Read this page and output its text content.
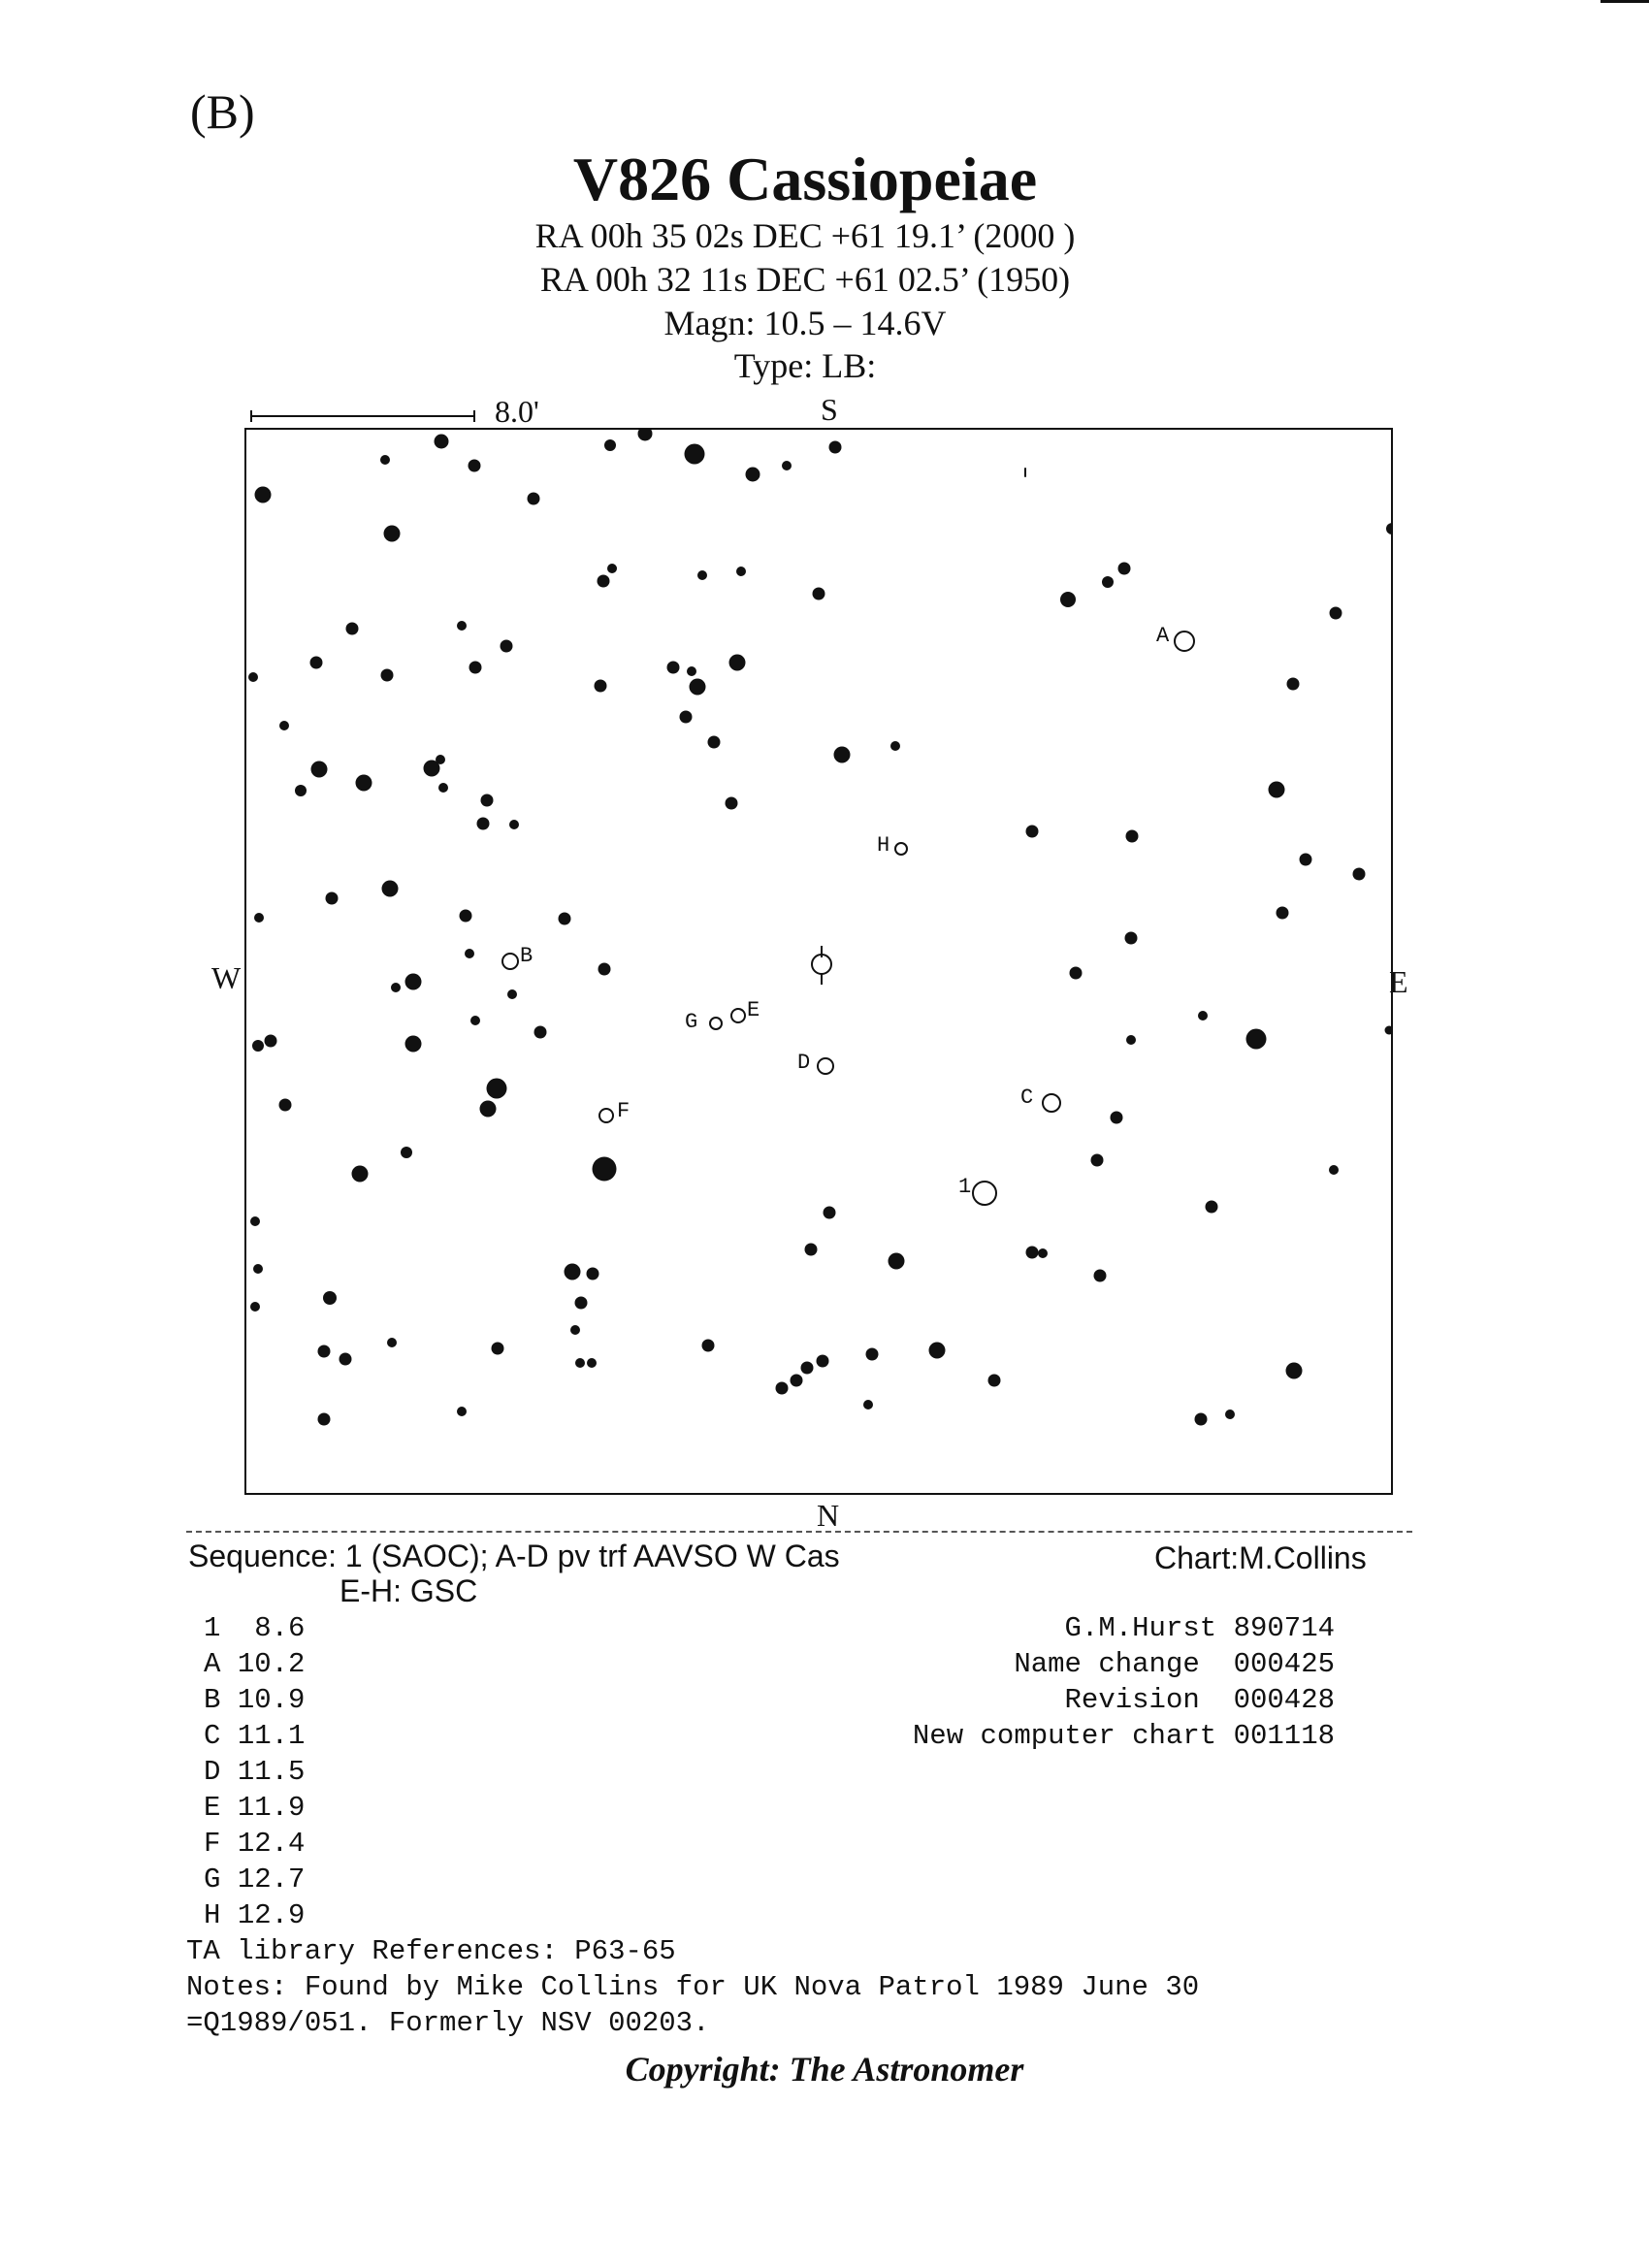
(B)
V826 Cassiopeiae
RA 00h 35 02s DEC +61 19.1’ (2000 )
RA 00h 32 11s DEC +61 02.5’ (1950)
Magn: 10.5 – 14.6V
Type: LB:
8.0'	S
N
W	E
A
B
C
D
E
F
G
H
1
Sequence: 1 (SAOC); A-D pv trf AAVSO W Cas
E-H: GSC
Chart:M.Collins
1 8.6
A 10.2
B 10.9
C 11.1
D 11.5
E 11.9
F 12.4
G 12.7
H 12.9
G.M.Hurst 890714
Name change 000425
Revision 000428
New computer chart 001118
TA library References: P63-65
Notes: Found by Mike Collins for UK Nova Patrol 1989 June 30
=Q1989/051. Formerly NSV 00203.
Copyright: The Astronomer
